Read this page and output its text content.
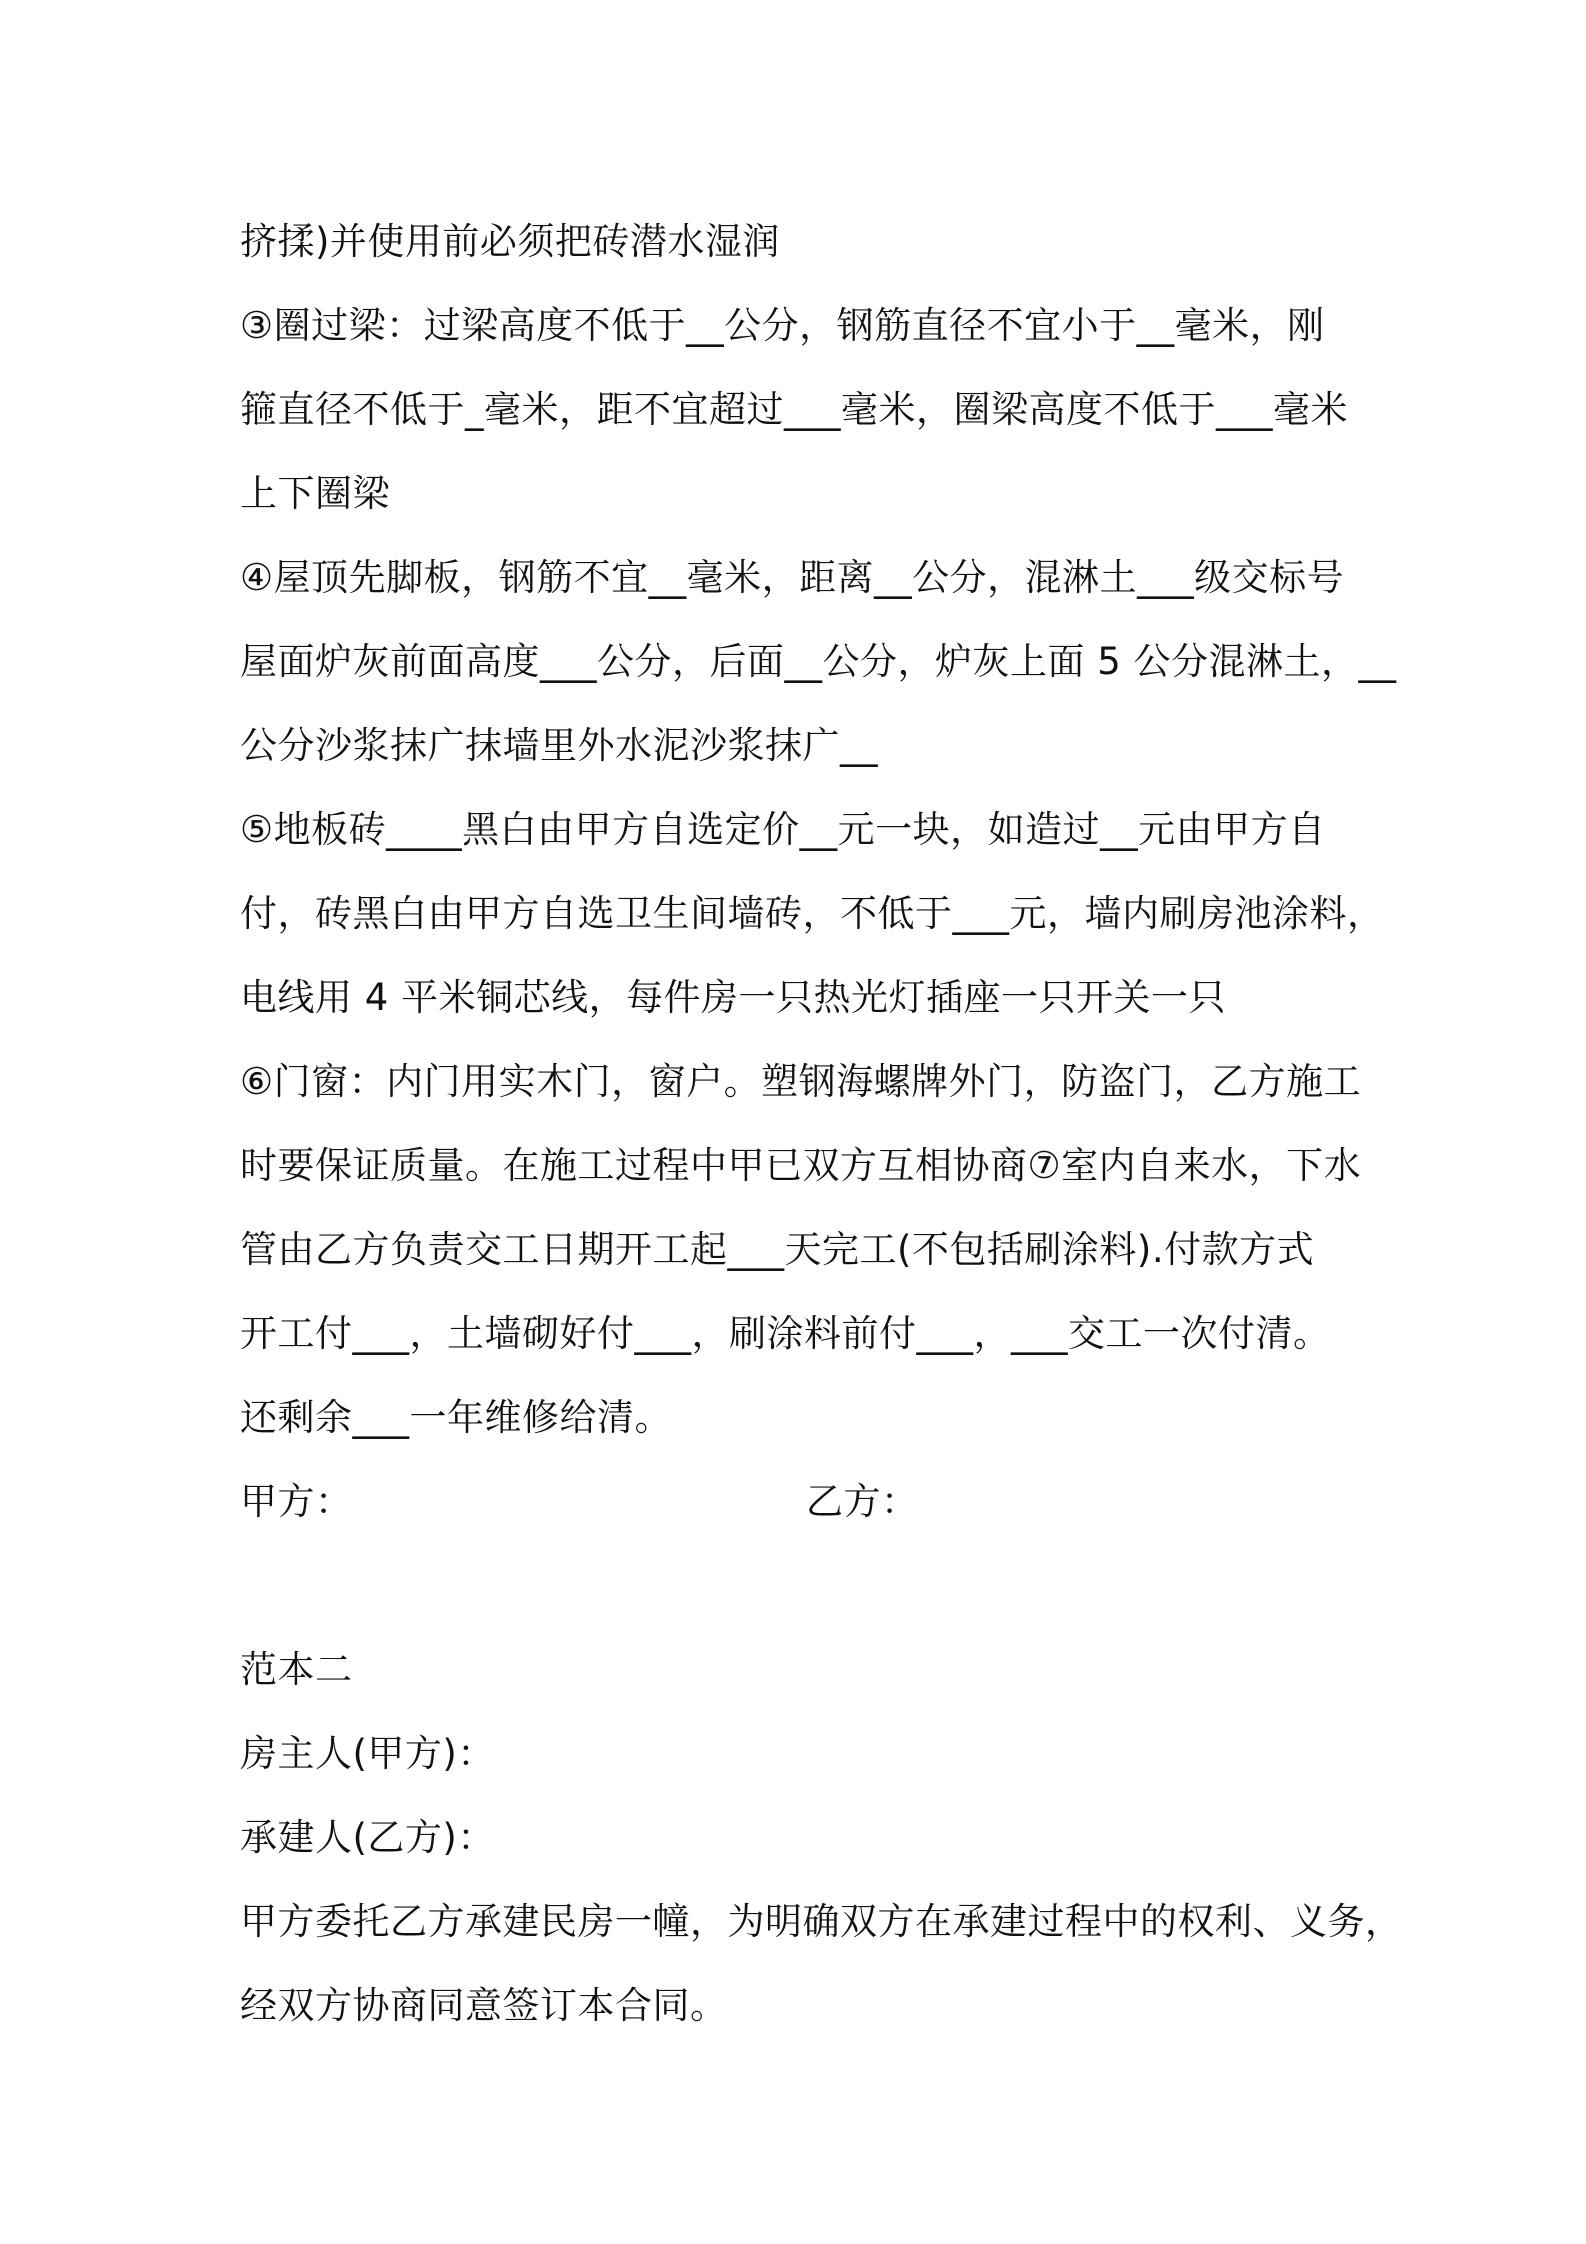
挤揉)并使用前必须把砖潜水湿润
③圈过梁：过梁高度不低于__公分，钢筋直径不宜小于__毫米，刚
箍直径不低于_毫米，距不宜超过___毫米，圈梁高度不低于___毫米
上下圈梁
④屋顶先脚板，钢筋不宜__毫米，距离__公分，混淋土___级交标号
屋面炉灰前面高度___公分，后面__公分，炉灰上面 5 公分混淋土，__
公分沙浆抹广抹墙里外水泥沙浆抹广__
⑤地板砖____黑白由甲方自选定价__元一块，如造过__元由甲方自
付，砖黑白由甲方自选卫生间墙砖，不低于___元，墙内刷房池涂料，
电线用 4 平米铜芯线，每件房一只热光灯插座一只开关一只
⑥门窗：内门用实木门，窗户。塑钢海螺牌外门，防盗门，乙方施工
时要保证质量。在施工过程中甲已双方互相协商⑦室内自来水，下水
管由乙方负责交工日期开工起___天完工(不包括刷涂料).付款方式
开工付___，土墙砌好付___，刷涂料前付___，___交工一次付清。
还剩余___一年维修给清。
甲方：	乙方：
范本二
房主人(甲方)：
承建人(乙方)：
甲方委托乙方承建民房一幢，为明确双方在承建过程中的权利、义务，
经双方协商同意签订本合同。
